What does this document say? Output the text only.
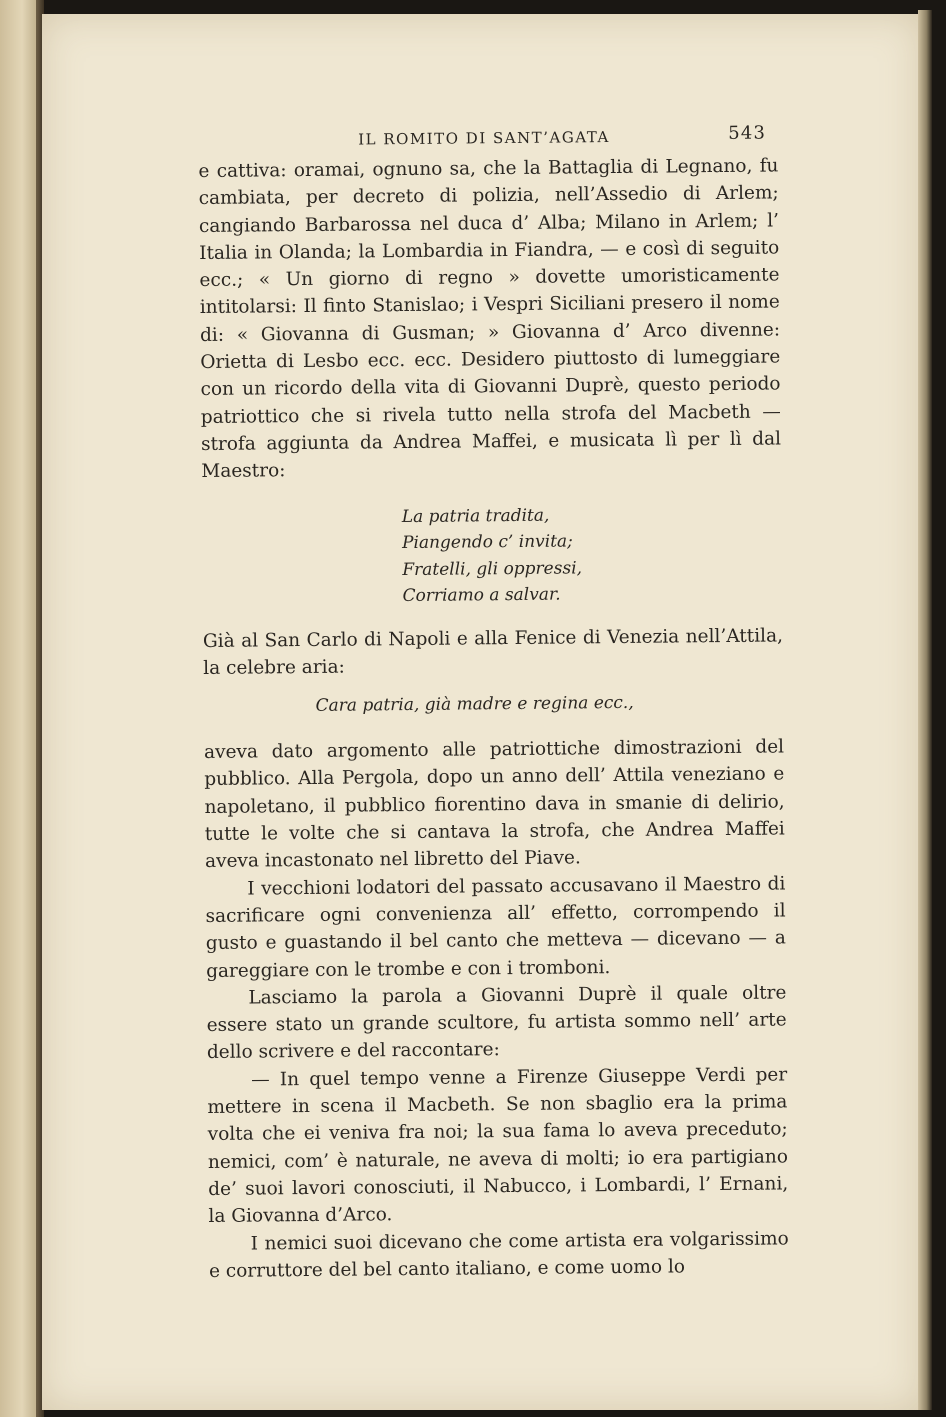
IL ROMITO DI SANT’AGATA	543

e cattiva: oramai, ognuno sa, che la Battaglia di Legnano, fu cambiata, per decreto di polizia, nell’Assedio di Arlem; cangiando Barbarossa nel duca d’ Alba; Milano in Arlem; l’ Italia in Olanda; la Lombardia in Fiandra, — e così di seguito ecc.; « Un giorno di regno » dovette umoristicamente intitolarsi: Il finto Stanislao; i Vespri Siciliani presero il nome di: « Giovanna di Gusman; » Giovanna d’ Arco divenne: Orietta di Lesbo ecc. ecc. Desidero piuttosto di lumeggiare con un ricordo della vita di Giovanni Duprè, questo periodo patriottico che si rivela tutto nella strofa del Macbeth — strofa aggiunta da Andrea Maffei, e musicata lì per lì dal Maestro:

La patria tradita,
Piangendo c’ invita;
Fratelli, gli oppressi,
Corriamo a salvar.

Già al San Carlo di Napoli e alla Fenice di Venezia nell’Attila, la celebre aria:

Cara patria, già madre e regina ecc.,

aveva dato argomento alle patriottiche dimostrazioni del pubblico. Alla Pergola, dopo un anno dell’ Attila veneziano e napoletano, il pubblico fiorentino dava in smanie di delirio, tutte le volte che si cantava la strofa, che Andrea Maffei aveva incastonato nel libretto del Piave.

I vecchioni lodatori del passato accusavano il Maestro di sacrificare ogni convenienza all’ effetto, corrompendo il gusto e guastando il bel canto che metteva — dicevano — a gareggiare con le trombe e con i tromboni.

Lasciamo la parola a Giovanni Duprè il quale oltre essere stato un grande scultore, fu artista sommo nell’ arte dello scrivere e del raccontare:

— In quel tempo venne a Firenze Giuseppe Verdi per mettere in scena il Macbeth. Se non sbaglio era la prima volta che ei veniva fra noi; la sua fama lo aveva preceduto; nemici, com’ è naturale, ne aveva di molti; io era partigiano de’ suoi lavori conosciuti, il Nabucco, i Lombardi, l’ Ernani, la Giovanna d’Arco.

I nemici suoi dicevano che come artista era volgarissimo e corruttore del bel canto italiano, e come uomo lo
